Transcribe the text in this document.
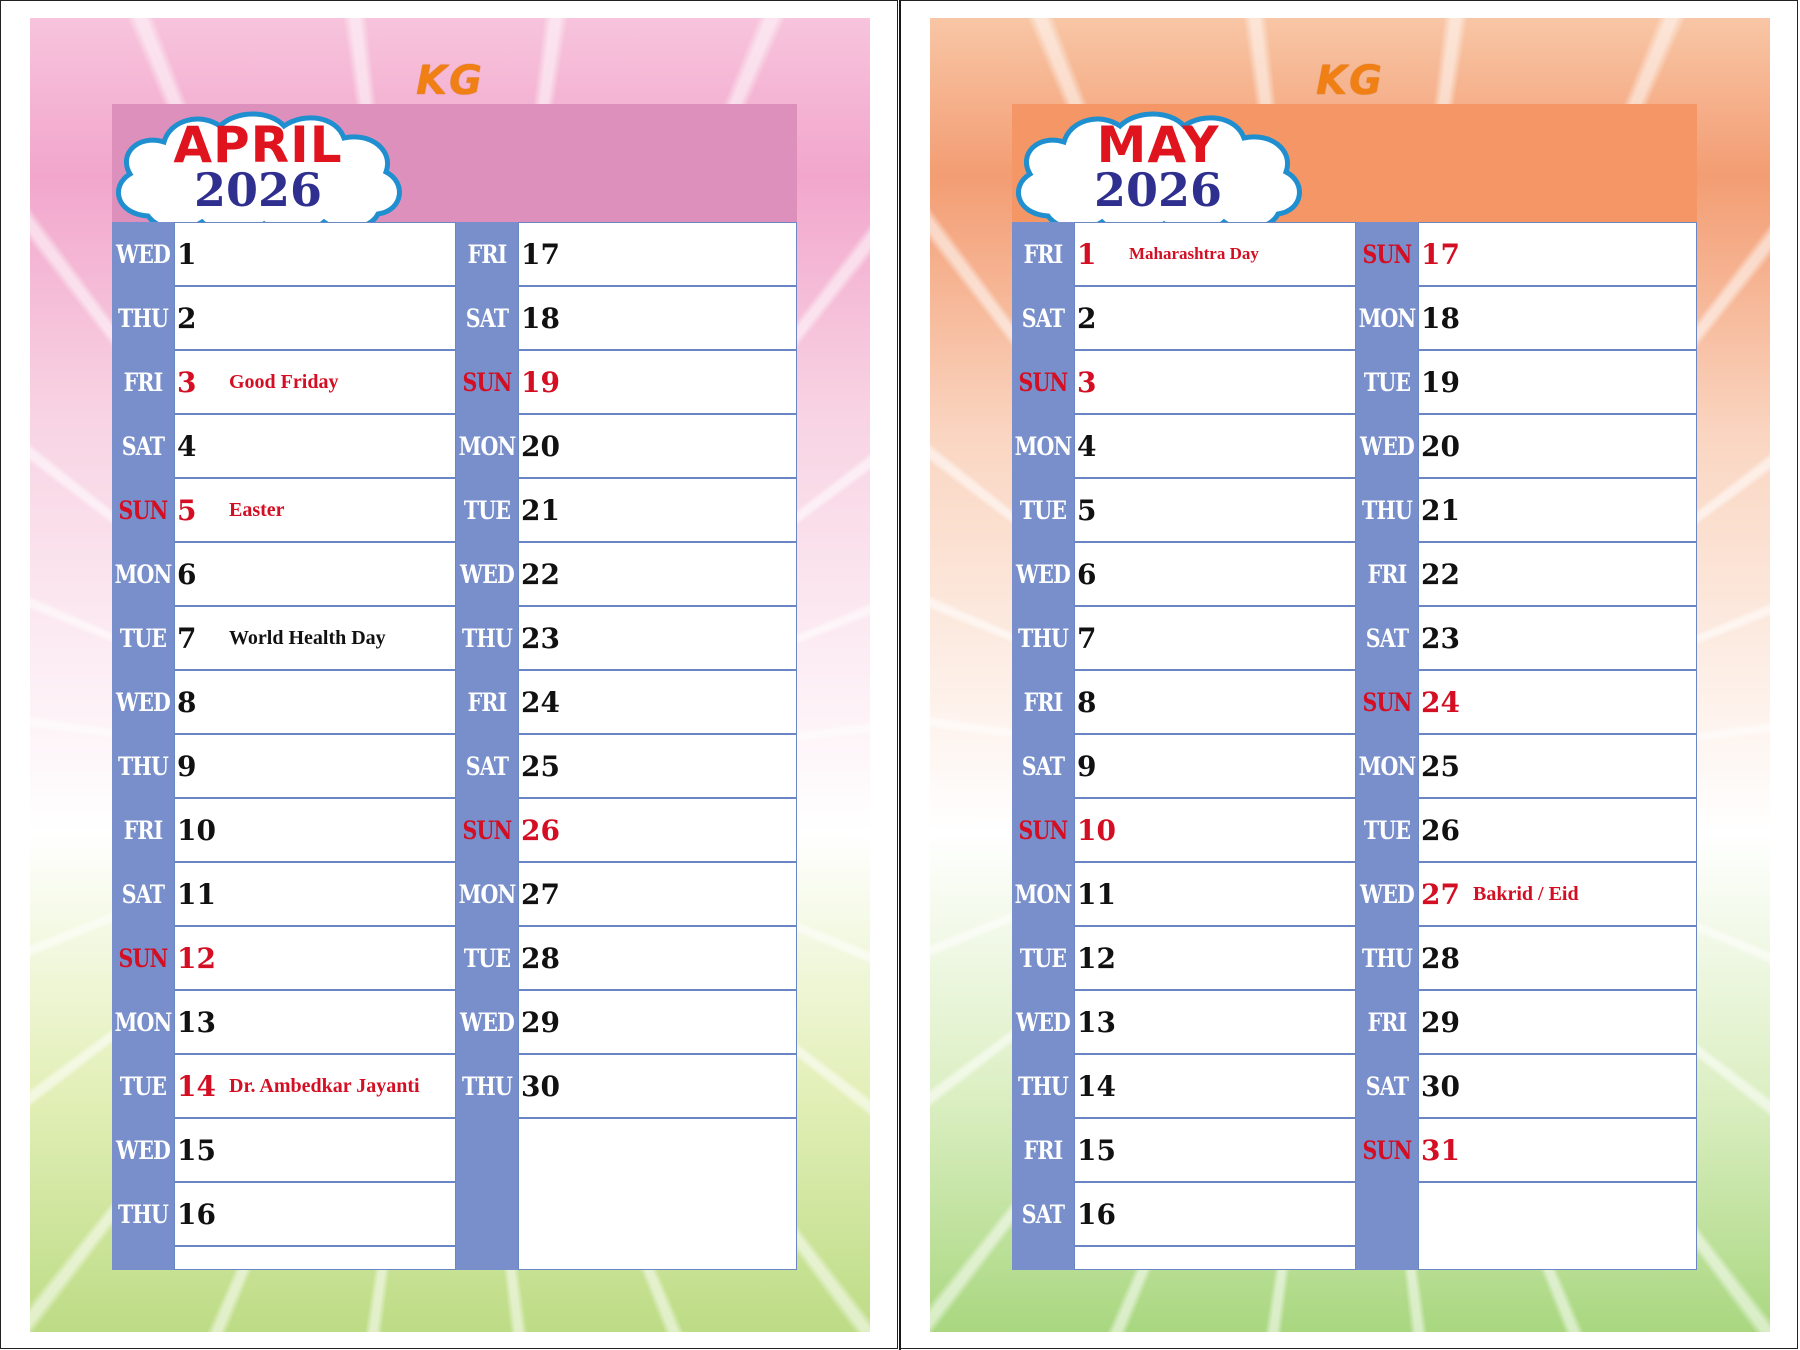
KG
APRIL
2026
WED 1
THU 2
FRI 3	Good Friday
SAT 4
SUN 5	Easter
MON 6
TUE 7	World Health Day
WED 8
THU 9
FRI 10
SAT 11
SUN 12
MON 13
TUE 14 Dr. Ambedkar Jayanti
WED 15
THU 16
FRI 17
SAT 18
SUN 19
MON 20
TUE 21
WED 22
THU 23
FRI 24
SAT 25
SUN 26
MON 27
TUE 28
WED 29
THU 30
KG
MAY
2026
FRI 1	Maharashtra Day
SAT 2
SUN 3
MON 4
TUE 5
WED 6
THU 7
FRI 8
SAT 9
SUN 10
MON 11
TUE 12
WED 13
THU 14
FRI 15
SAT 16
SUN 17
MON 18
TUE 19
WED 20
THU 21
FRI 22
SAT 23
SUN 24
MON 25
TUE 26
WED 27 Bakrid / Eid
THU 28
FRI 29
SAT 30
SUN 31
